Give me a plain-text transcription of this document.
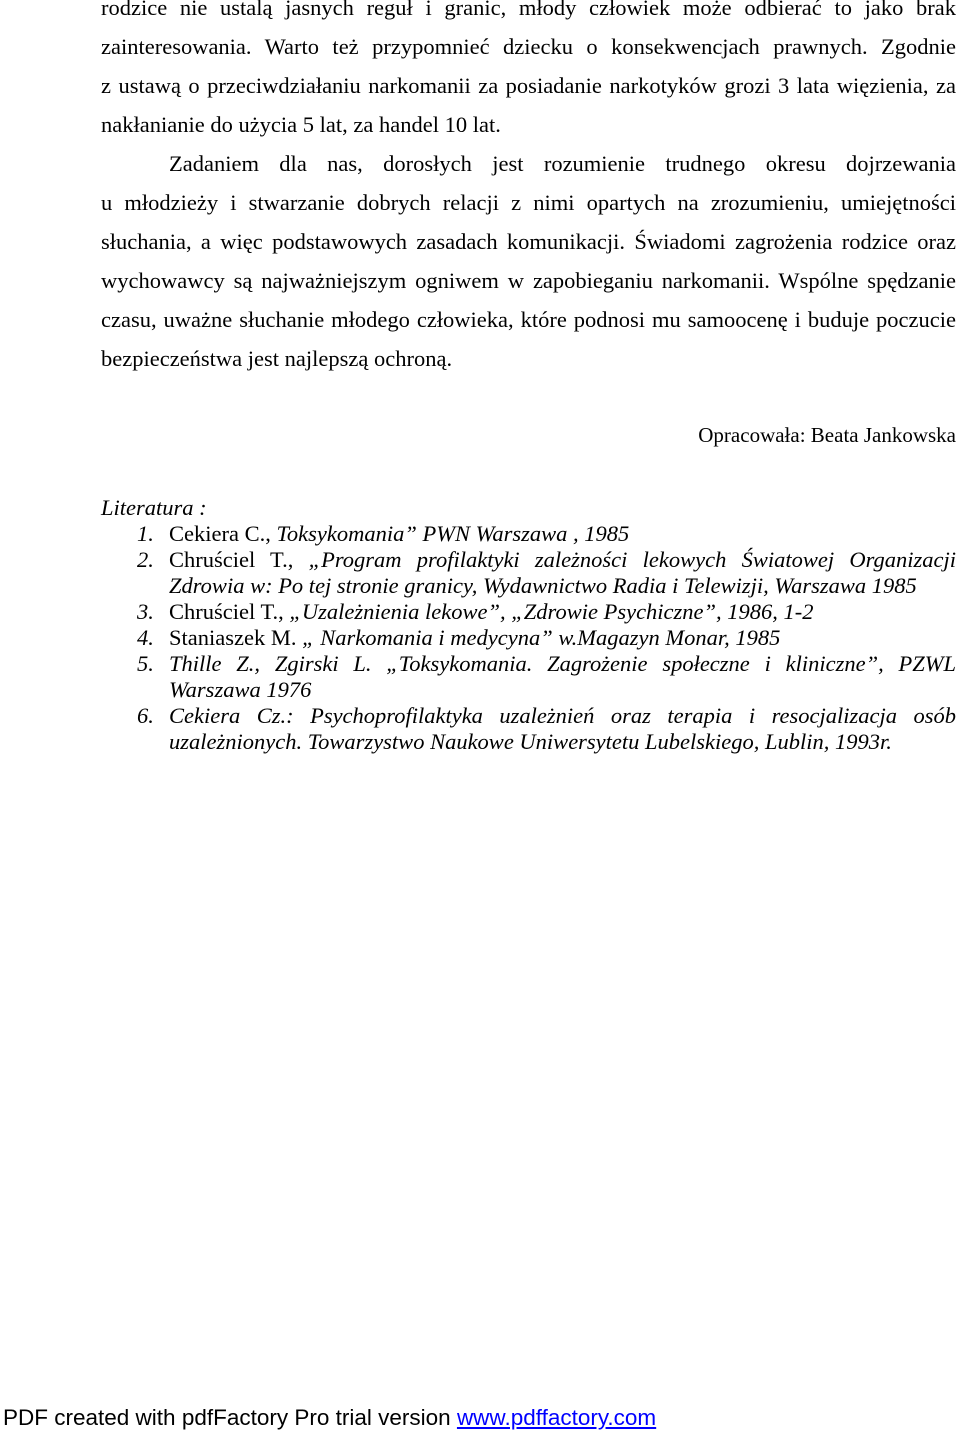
rodzice nie ustalą jasnych reguł i granic, młody człowiek może odbierać to jako brak
zainteresowania. Warto też przypomnieć dziecku o konsekwencjach prawnych. Zgodnie
z ustawą o przeciwdziałaniu narkomanii za posiadanie narkotyków grozi 3 lata więzienia, za
nakłanianie do użycia 5 lat, za handel 10 lat.
Zadaniem dla nas, dorosłych jest rozumienie trudnego okresu dojrzewania
u młodzieży i stwarzanie dobrych relacji z nimi opartych na zrozumieniu, umiejętności
słuchania, a więc podstawowych zasadach komunikacji. Świadomi zagrożenia rodzice oraz
wychowawcy są najważniejszym ogniwem w zapobieganiu narkomanii. Wspólne spędzanie
czasu, uważne słuchanie młodego człowieka, które podnosi mu samoocenę i buduje poczucie
bezpieczeństwa jest najlepszą ochroną.
Opracowała: Beata Jankowska
Literatura :
1. Cekiera C., Toksykomania” PWN Warszawa , 1985
2. Chruściel T., „Program profilaktyki zależności lekowych Światowej Organizacji
Zdrowia w: Po tej stronie granicy, Wydawnictwo Radia i Telewizji, Warszawa 1985
3. Chruściel T., „Uzależnienia lekowe”, „Zdrowie Psychiczne”, 1986, 1-2
4. Staniaszek M. „ Narkomania i medycyna” w.Magazyn Monar, 1985
5. Thille Z., Zgirski L. „Toksykomania. Zagrożenie społeczne i kliniczne”, PZWL
Warszawa 1976
6. Cekiera Cz.: Psychoprofilaktyka uzależnień oraz terapia i resocjalizacja osób
uzależnionych. Towarzystwo Naukowe Uniwersytetu Lubelskiego, Lublin, 1993r.
PDF created with pdfFactory Pro trial version www.pdffactory.com
